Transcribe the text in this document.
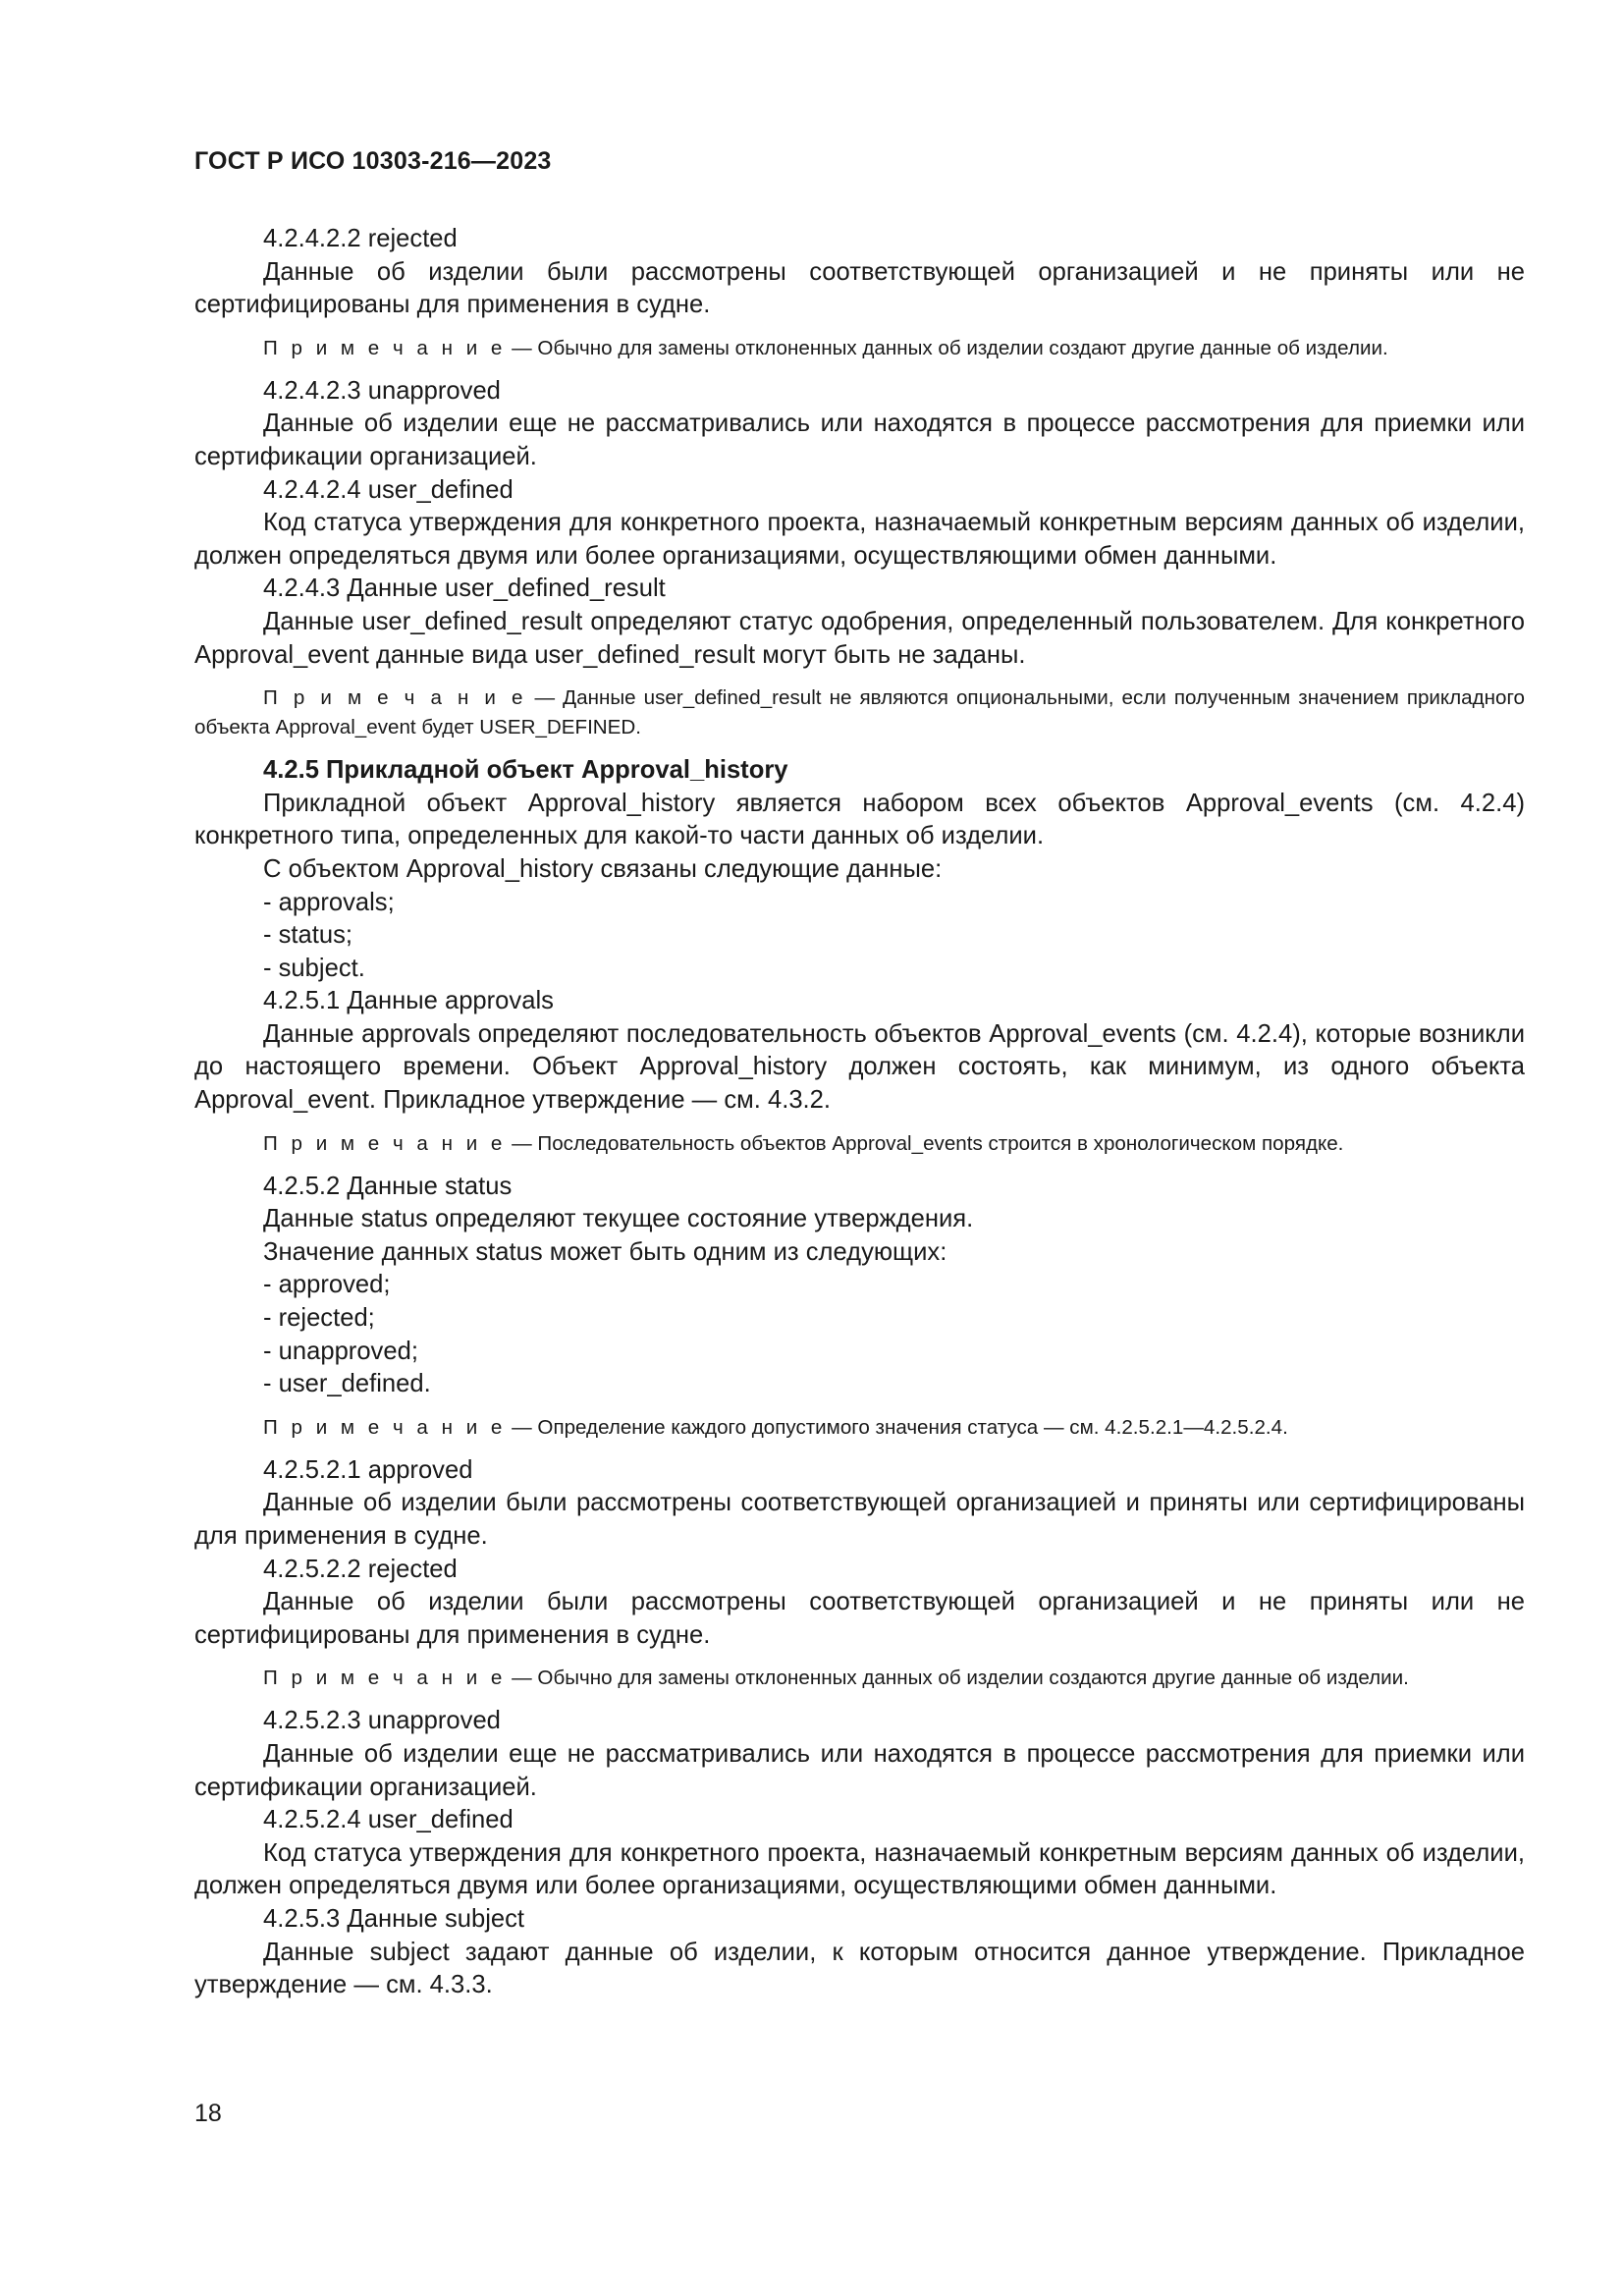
ГОСТ Р ИСО 10303-216—2023
4.2.4.2.2 rejected
Данные об изделии были рассмотрены соответствующей организацией и не приняты или не сертифицированы для применения в судне.
П р и м е ч а н и е — Обычно для замены отклоненных данных об изделии создают другие данные об изделии.
4.2.4.2.3 unapproved
Данные об изделии еще не рассматривались или находятся в процессе рассмотрения для приемки или сертификации организацией.
4.2.4.2.4 user_defined
Код статуса утверждения для конкретного проекта, назначаемый конкретным версиям данных об изделии, должен определяться двумя или более организациями, осуществляющими обмен данными.
4.2.4.3 Данные user_defined_result
Данные user_defined_result определяют статус одобрения, определенный пользователем. Для конкретного Approval_event данные вида user_defined_result могут быть не заданы.
П р и м е ч а н и е — Данные user_defined_result не являются опциональными, если полученным значением прикладного объекта Approval_event будет USER_DEFINED.
4.2.5 Прикладной объект Approval_history
Прикладной объект Approval_history является набором всех объектов Approval_events (см. 4.2.4) конкретного типа, определенных для какой-то части данных об изделии.
С объектом Approval_history связаны следующие данные:
- approvals;
- status;
- subject.
4.2.5.1 Данные approvals
Данные approvals определяют последовательность объектов Approval_events (см. 4.2.4), которые возникли до настоящего времени. Объект Approval_history должен состоять, как минимум, из одного объекта Approval_event. Прикладное утверждение — см. 4.3.2.
П р и м е ч а н и е — Последовательность объектов Approval_events строится в хронологическом порядке.
4.2.5.2 Данные status
Данные status определяют текущее состояние утверждения.
Значение данных status может быть одним из следующих:
- approved;
- rejected;
- unapproved;
- user_defined.
П р и м е ч а н и е — Определение каждого допустимого значения статуса — см. 4.2.5.2.1—4.2.5.2.4.
4.2.5.2.1 approved
Данные об изделии были рассмотрены соответствующей организацией и приняты или сертифицированы для применения в судне.
4.2.5.2.2 rejected
Данные об изделии были рассмотрены соответствующей организацией и не приняты или не сертифицированы для применения в судне.
П р и м е ч а н и е — Обычно для замены отклоненных данных об изделии создаются другие данные об изделии.
4.2.5.2.3 unapproved
Данные об изделии еще не рассматривались или находятся в процессе рассмотрения для приемки или сертификации организацией.
4.2.5.2.4 user_defined
Код статуса утверждения для конкретного проекта, назначаемый конкретным версиям данных об изделии, должен определяться двумя или более организациями, осуществляющими обмен данными.
4.2.5.3 Данные subject
Данные subject задают данные об изделии, к которым относится данное утверждение. Прикладное утверждение — см. 4.3.3.
18
